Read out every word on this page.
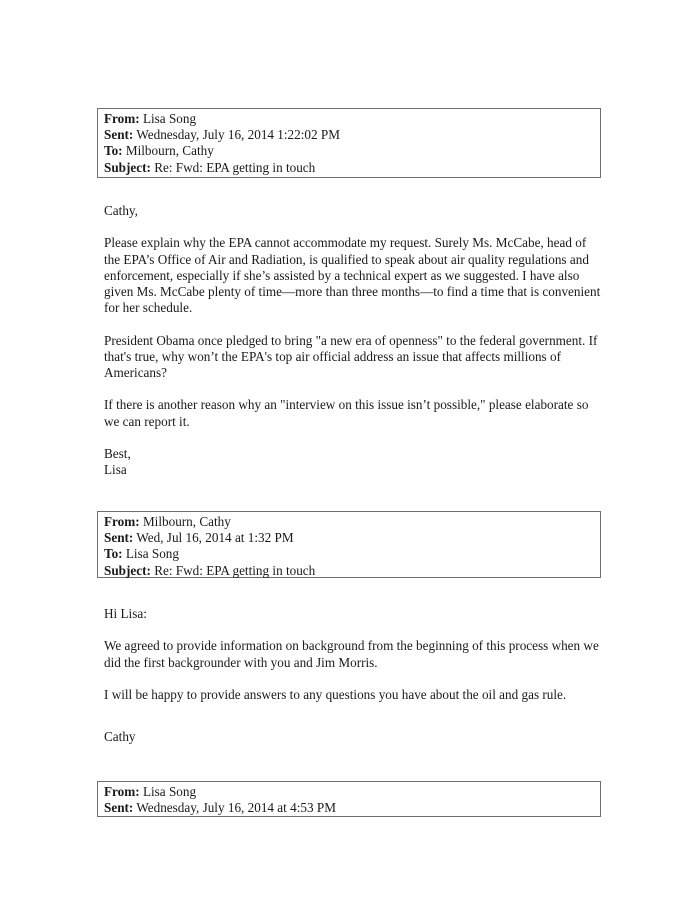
From: Lisa Song
Sent: Wednesday, July 16, 2014 1:22:02 PM
To: Milbourn, Cathy
Subject: Re: Fwd: EPA getting in touch

Cathy,

Please explain why the EPA cannot accommodate my request. Surely Ms. McCabe, head of the EPA’s Office of Air and Radiation, is qualified to speak about air quality regulations and enforcement, especially if she’s assisted by a technical expert as we suggested. I have also given Ms. McCabe plenty of time—more than three months—to find a time that is convenient for her schedule.

President Obama once pledged to bring "a new era of openness" to the federal government. If that's true, why won’t the EPA's top air official address an issue that affects millions of Americans?

If there is another reason why an "interview on this issue isn’t possible," please elaborate so we can report it.

Best,

Lisa

From: Milbourn, Cathy
Sent: Wed, Jul 16, 2014 at 1:32 PM
To: Lisa Song
Subject: Re: Fwd: EPA getting in touch

Hi Lisa:

We agreed to provide information on background from the beginning of this process when we did the first backgrounder with you and Jim Morris.

I will be happy to provide answers to any questions you have about the oil and gas rule.

Cathy

From: Lisa Song
Sent: Wednesday, July 16, 2014 at 4:53 PM
